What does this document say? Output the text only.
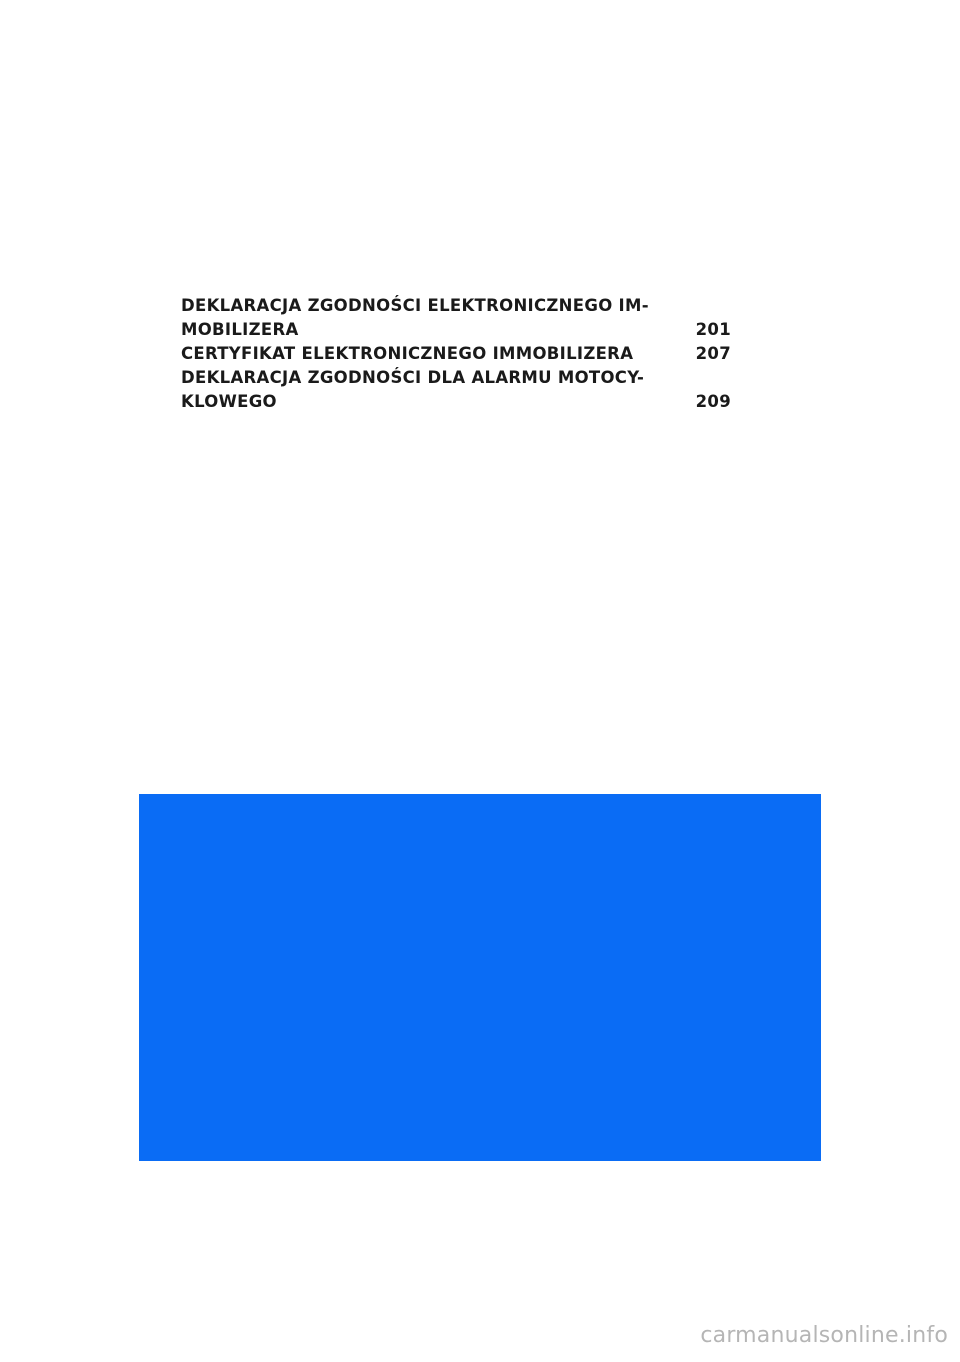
DEKLARACJA ZGODNOŚCI ELEKTRONICZNEGO IM-
MOBILIZERA	201
CERTYFIKAT ELEKTRONICZNEGO IMMOBILIZERA	207
DEKLARACJA ZGODNOŚCI DLA ALARMU MOTOCY-
KLOWEGO	209
carmanualsonline.info
